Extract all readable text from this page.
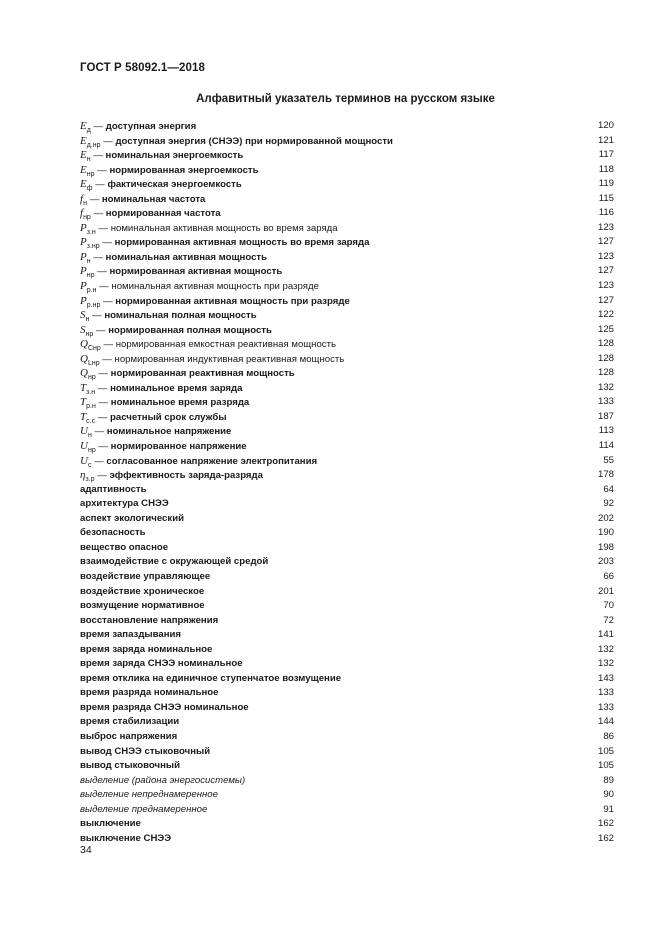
ГОСТ Р 58092.1—2018
Алфавитный указатель терминов на русском языке
$E_д$ — доступная энергия	120
$E_{д.нр}$ — доступная энергия (СНЭЭ) при нормированной мощности	121
$E_н$ — номинальная энергоемкость	117
$E_{нр}$ — нормированная энергоемкость	118
$E_ф$ — фактическая энергоемкость	119
$f_н$ — номинальная частота	115
$f_{нр}$ — нормированная частота	116
$P_{з.н}$ — номинальная активная мощность во время заряда	123
$P_{з.нр}$ — нормированная активная мощность во время заряда	127
$P_н$ — номинальная активная мощность	123
$P_{нр}$ — нормированная активная мощность	127
$P_{р.н}$ — номинальная активная мощность при разряде	123
$P_{р.нр}$ — нормированная активная мощность при разряде	127
$S_н$ — номинальная полная мощность	122
$S_{нр}$ — нормированная полная мощность	125
$Q_{Cнр}$ — нормированная емкостная реактивная мощность	128
$Q_{Lнр}$ — нормированная индуктивная реактивная мощность	128
$Q_{нр}$ — нормированная реактивная мощность	128
$T_{з.н}$ — номинальное время заряда	132
$T_{р.н}$ — номинальное время разряда	133
$T_{с.с}$ — расчетный срок службы	187
$U_н$ — номинальное напряжение	113
$U_{нр}$ — нормированное напряжение	114
$U_c$ — согласованное напряжение электропитания	55
$\eta_{з.р}$ — эффективность заряда-разряда	178
адаптивность	64
архитектура СНЭЭ	92
аспект экологический	202
безопасность	190
вещество опасное	198
взаимодействие с окружающей средой	203
воздействие управляющее	66
воздействие хроническое	201
возмущение нормативное	70
восстановление напряжения	72
время запаздывания	141
время заряда номинальное	132
время заряда СНЭЭ номинальное	132
время отклика на единичное ступенчатое возмущение	143
время разряда номинальное	133
время разряда СНЭЭ номинальное	133
время стабилизации	144
выброс напряжения	86
вывод СНЭЭ стыковочный	105
вывод стыковочный	105
выделение (района энергосистемы)	89
выделение непреднамеренное	90
выделение преднамеренное	91
выключение	162
выключение СНЭЭ	162
34
